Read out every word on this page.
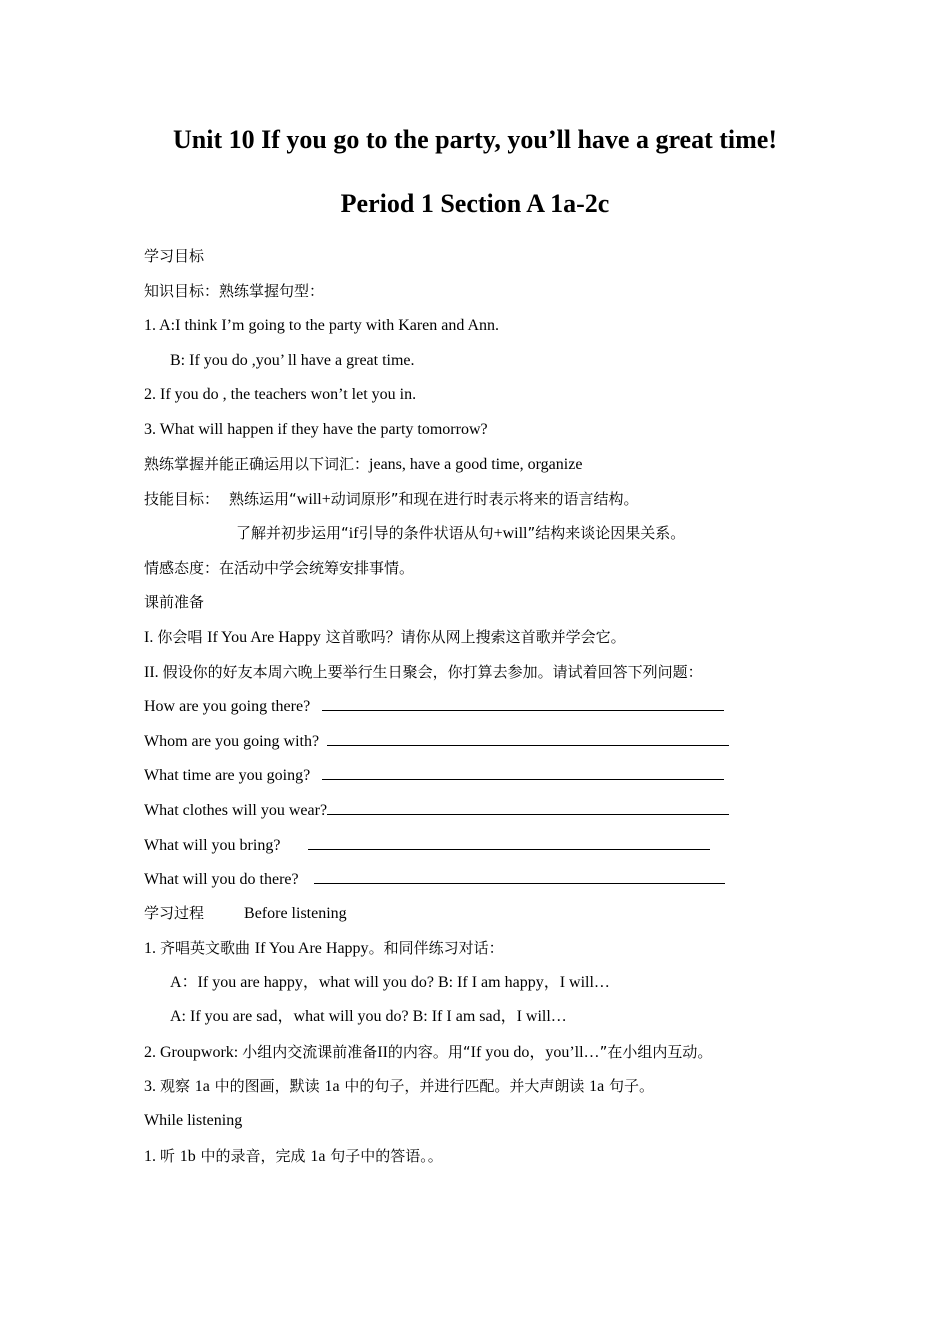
Unit 10 If you go to the party, you’ll have a great time!
Period 1 Section A 1a-2c
学习目标
知识目标：熟练掌握句型：
1. A:I think I’m going to the party with Karen and Ann.
B: If you do ,you’ ll have a great time.
2. If you do , the teachers won’t let you in.
3. What will happen if they have the party tomorrow?
熟练掌握并能正确运用以下词汇：jeans, have a good time, organize
技能目标： 熟练运用“will+动词原形”和现在进行时表示将来的语言结构。
了解并初步运用“if引导的条件状语从句+will”结构来谈论因果关系。
情感态度：在活动中学会统筹安排事情。
课前准备
I. 你会唱 If You Are Happy 这首歌吗？请你从网上搜索这首歌并学会它。
II. 假设你的好友本周六晚上要举行生日聚会，你打算去参加。请试着回答下列问题：
How are you going there?
Whom are you going with?
What time are you going?
What clothes will you wear?
What will you bring?
What will you do there?
学习过程	Before listening
1. 齐唱英文歌曲 If You Are Happy。和同伴练习对话：
A：If you are happy，what will you do? B: If I am happy，I will…
A: If you are sad，what will you do? B: If I am sad，I will…
2. Groupwork: 小组内交流课前准备II的内容。用“If you do，you’ll…”在小组内互动。
3. 观察 1a 中的图画，默读 1a 中的句子，并进行匹配。并大声朗读 1a 句子。
While listening
1. 听 1b 中的录音，完成 1a 句子中的答语。。
